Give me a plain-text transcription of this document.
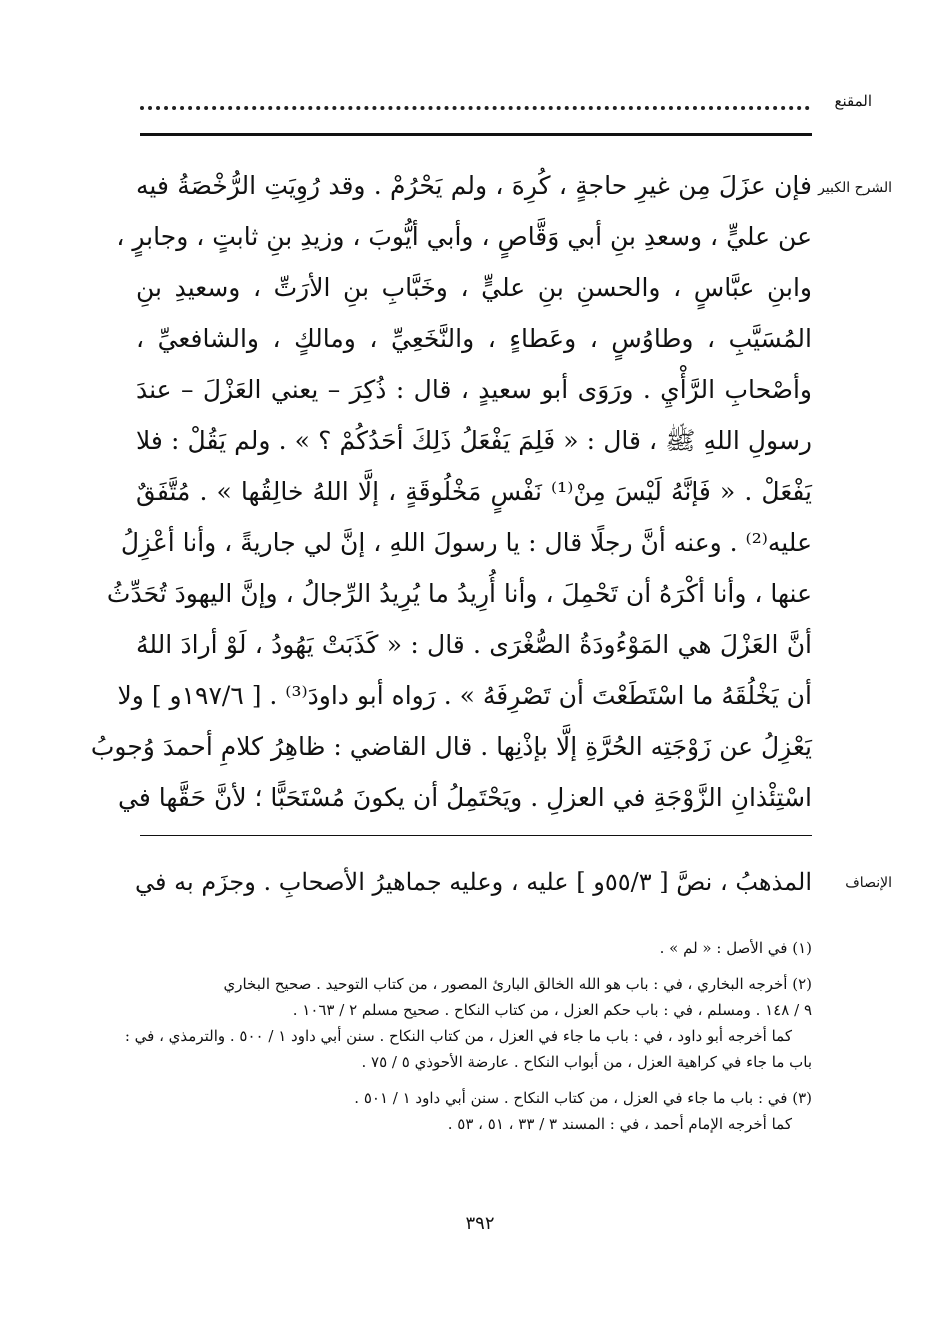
المقنع
الشرح الكبير
فإن عزَلَ مِن غيرِ حاجةٍ ، كُرِهَ ، ولم يَحْرُمْ . وقد رُوِيَتِ الرُّخْصَةُ فيه
عن عليٍّ ، وسعدِ بنِ أبي وَقَّاصٍ ، وأبي أيُّوبَ ، وزيدِ بنِ ثابتٍ ، وجابرٍ ،
وابنِ عبَّاسٍ ، والحسنِ بنِ عليٍّ ، وخَبَّابِ بنِ الأرَتِّ ، وسعيدِ بنِ
المُسَيَّبِ ، وطاوُسٍ ، وعَطاءٍ ، والنَّخَعِيِّ ، ومالكٍ ، والشافعيِّ ،
وأصْحابِ الرَّأْيِ . ورَوَى أبو سعيدٍ ، قال : ذُكِرَ – يعني العَزْلَ – عندَ
رسولِ اللهِ ﷺ ، قال : « فَلِمَ يَفْعَلُ ذَلِكَ أحَدُكُمْ ؟ » . ولم يَقُلْ : فلا
يَفْعَلْ . « فَإنَّهُ لَيْسَ مِنْ⁽¹⁾ نَفْسٍ مَخْلُوقَةٍ ، إلَّا اللهُ خالِقُها » . مُتَّفَقٌ
عليه⁽²⁾ . وعنه أنَّ رجلًا قال : يا رسولَ اللهِ ، إنَّ لي جاريةً ، وأنا أعْزِلُ
عنها ، وأنا أكْرَهُ أن تَحْمِلَ ، وأنا أُرِيدُ ما يُرِيدُ الرِّجالُ ، وإنَّ اليهودَ تُحَدِّثُ
أنَّ العَزْلَ هي المَوْءُودَةُ الصُّغْرَى . قال : « كَذَبَتْ يَهُودُ ، لَوْ أرادَ اللهُ
أن يَخْلُقَهُ ما اسْتَطَعْتَ أن تَصْرِفَهُ » . رَواه أبو داودَ⁽³⁾ . [ ١٩٧/٦و ] ولا
يَعْزِلُ عن زَوْجَتِه الحُرَّةِ إلَّا بإذْنِها . قال القاضي : ظاهِرُ كلامِ أحمدَ وُجوبُ
اسْتِئْذانِ الزَّوْجَةِ في العزلِ . ويَحْتَمِلُ أن يكونَ مُسْتَحَبًّا ؛ لأنَّ حَقَّها في
الإنصاف
المذهبُ ، نصَّ [ ٥٥/٣و ] عليه ، وعليه جماهيرُ الأصحابِ . وجزَم به في
(١) في الأصل : « لم » .
(٢) أخرجه البخاري ، في : باب هو الله الخالق البارئ المصور ، من كتاب التوحيد . صحيح البخاري
٩ / ١٤٨ . ومسلم ، في : باب حكم العزل ، من كتاب النكاح . صحيح مسلم ٢ / ١٠٦٣ .
كما أخرجه أبو داود ، في : باب ما جاء في العزل ، من كتاب النكاح . سنن أبي داود ١ / ٥٠٠ . والترمذي ، في :
باب ما جاء في كراهية العزل ، من أبواب النكاح . عارضة الأحوذي ٥ / ٧٥ .
(٣) في : باب ما جاء في العزل ، من كتاب النكاح . سنن أبي داود ١ / ٥٠١ .
كما أخرجه الإمام أحمد ، في : المسند ٣ / ٣٣ ، ٥١ ، ٥٣ .
٣٩٢
